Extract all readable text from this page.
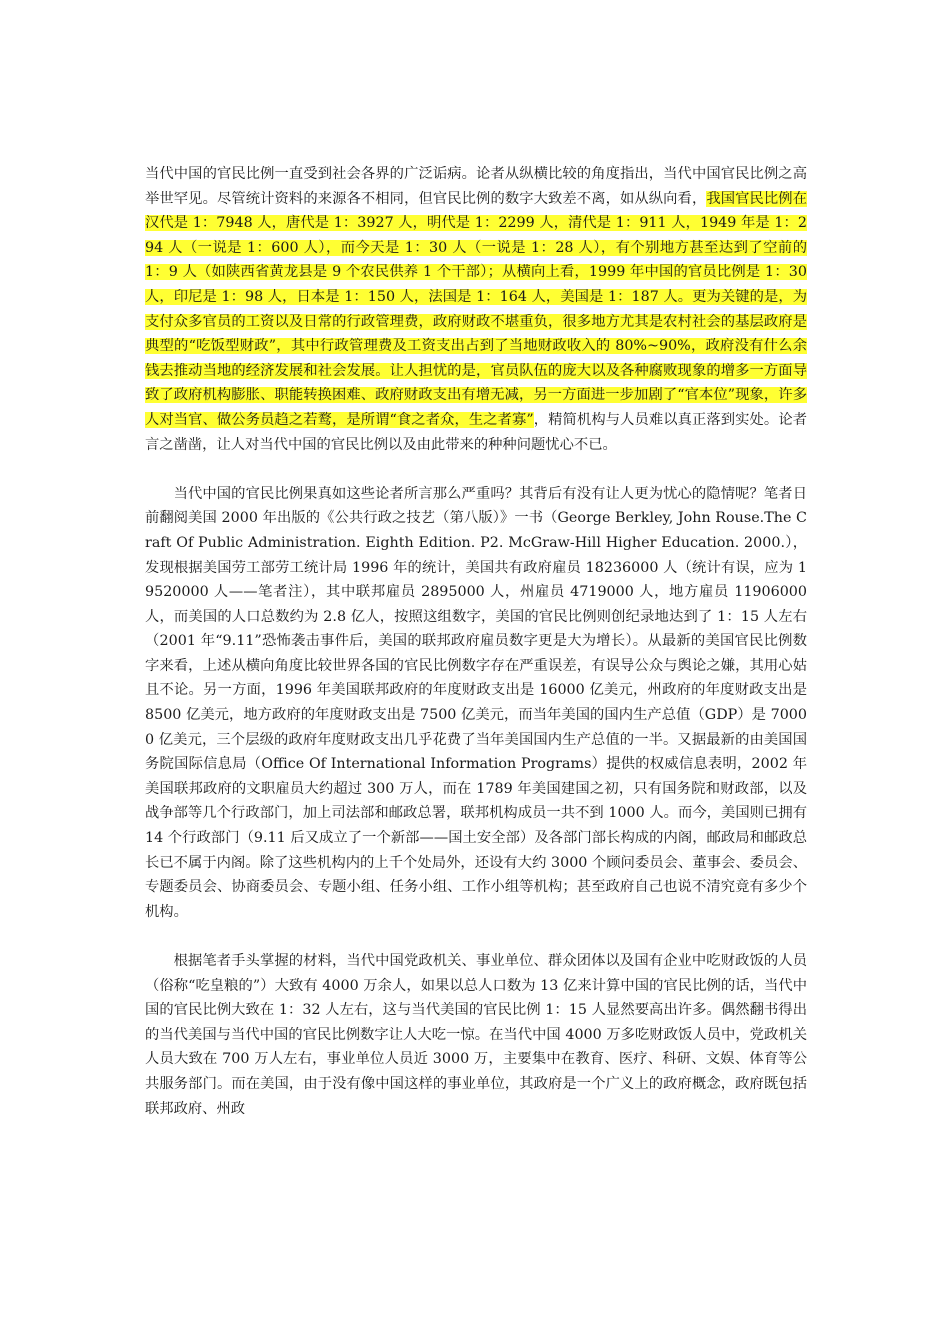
当代中国的官民比例一直受到社会各界的广泛诟病。论者从纵横比较的角度指出，当代中国官民比例之高举世罕见。尽管统计资料的来源各不相同，但官民比例的数字大致差不离，如从纵向看，我国官民比例在汉代是 1：7948 人，唐代是 1：3927 人，明代是 1：2299 人，清代是 1：911 人，1949 年是 1：294 人（一说是 1：600 人），而今天是 1：30 人（一说是 1：28 人），有个别地方甚至达到了空前的 1：9 人（如陕西省黄龙县是 9 个农民供养 1 个干部）；从横向上看，1999 年中国的官员比例是 1：30 人，印尼是 1：98 人，日本是 1：150 人，法国是 1：164 人，美国是 1：187 人。更为关键的是，为支付众多官员的工资以及日常的行政管理费，政府财政不堪重负，很多地方尤其是农村社会的基层政府是典型的“吃饭型财政”，其中行政管理费及工资支出占到了当地财政收入的 80%~90%，政府没有什么余钱去推动当地的经济发展和社会发展。让人担忧的是，官员队伍的庞大以及各种腐败现象的增多一方面导致了政府机构膨胀、职能转换困难、政府财政支出有增无减，另一方面进一步加剧了“官本位”现象，许多人对当官、做公务员趋之若鹜，是所谓“食之者众，生之者寡”，精简机构与人员难以真正落到实处。论者言之凿凿，让人对当代中国的官民比例以及由此带来的种种问题忧心不已。

当代中国的官民比例果真如这些论者所言那么严重吗？其背后有没有让人更为忧心的隐情呢？笔者日前翻阅美国 2000 年出版的《公共行政之技艺（第八版）》一书（George Berkley, John Rouse.The Craft Of Public Administration. Eighth Edition. P2. McGraw-Hill Higher Education. 2000.），发现根据美国劳工部劳工统计局 1996 年的统计，美国共有政府雇员 18236000 人（统计有误，应为 19520000 人——笔者注），其中联邦雇员 2895000 人，州雇员 4719000 人，地方雇员 11906000 人，而美国的人口总数约为 2.8 亿人，按照这组数字，美国的官民比例则创纪录地达到了 1：15 人左右（2001 年“9.11”恐怖袭击事件后，美国的联邦政府雇员数字更是大为增长）。从最新的美国官民比例数字来看，上述从横向角度比较世界各国的官民比例数字存在严重误差，有误导公众与舆论之嫌，其用心姑且不论。另一方面，1996 年美国联邦政府的年度财政支出是 16000 亿美元，州政府的年度财政支出是 8500 亿美元，地方政府的年度财政支出是 7500 亿美元，而当年美国的国内生产总值（GDP）是 70000 亿美元，三个层级的政府年度财政支出几乎花费了当年美国国内生产总值的一半。又据最新的由美国国务院国际信息局（Office Of International Information Programs）提供的权威信息表明，2002 年美国联邦政府的文职雇员大约超过 300 万人，而在 1789 年美国建国之初，只有国务院和财政部，以及战争部等几个行政部门，加上司法部和邮政总署，联邦机构成员一共不到 1000 人。而今，美国则已拥有 14 个行政部门（9.11 后又成立了一个新部——国土安全部）及各部门部长构成的内阁，邮政局和邮政总长已不属于内阁。除了这些机构内的上千个处局外，还设有大约 3000 个顾问委员会、董事会、委员会、专题委员会、协商委员会、专题小组、任务小组、工作小组等机构；甚至政府自己也说不清究竟有多少个机构。

根据笔者手头掌握的材料，当代中国党政机关、事业单位、群众团体以及国有企业中吃财政饭的人员（俗称“吃皇粮的”）大致有 4000 万余人，如果以总人口数为 13 亿来计算中国的官民比例的话，当代中国的官民比例大致在 1：32 人左右，这与当代美国的官民比例 1：15 人显然要高出许多。偶然翻书得出的当代美国与当代中国的官民比例数字让人大吃一惊。在当代中国 4000 万多吃财政饭人员中，党政机关人员大致在 700 万人左右，事业单位人员近 3000 万，主要集中在教育、医疗、科研、文娱、体育等公共服务部门。而在美国，由于没有像中国这样的事业单位，其政府是一个广义上的政府概念，政府既包括联邦政府、州政
